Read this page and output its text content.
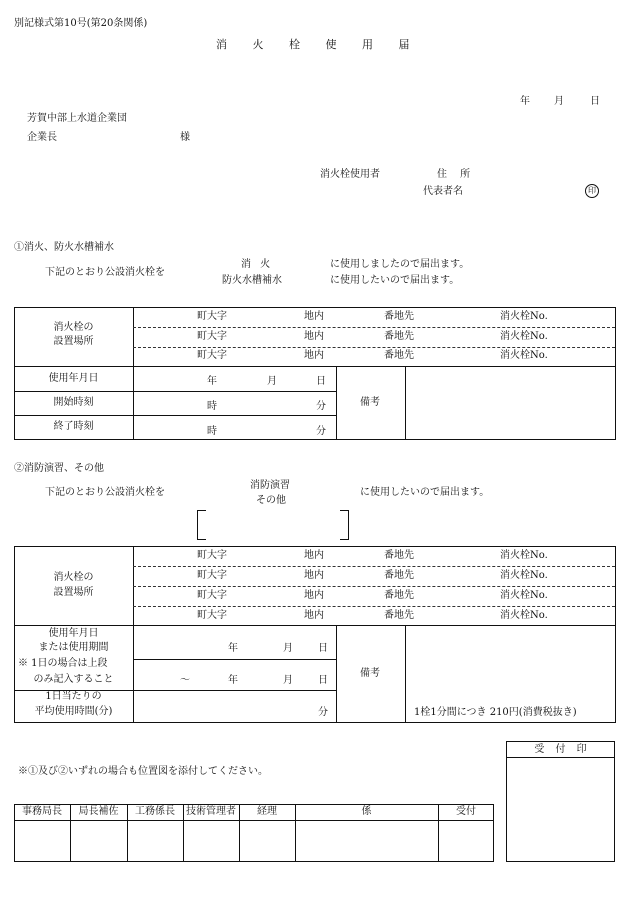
別記様式第10号(第20条関係)
消 火 栓 使 用 届
年 月	日
芳賀中部上水道企業団
企業長	様
消火栓使用者	住 所
代表者名	印
①消火、防火水槽補水
下記のとおり公設消火栓を
消 火
防火水槽補水
に使用しましたので届出ます。
に使用したいので届出ます。
消火栓の
設置場所
町大字	地内	番地先	消火栓No.
町大字	地内	番地先	消火栓No.
町大字	地内	番地先	消火栓No.
使用年月日	年	月	日
開始時刻	時	分
終了時刻	時	分
備考
②消防演習、その他
下記のとおり公設消火栓を
消防演習
その他
に使用したいので届出ます。
消火栓の
設置場所
町大字	地内	番地先	消火栓No.
町大字	地内	番地先	消火栓No.
町大字	地内	番地先	消火栓No.
町大字	地内	番地先	消火栓No.
使用年月日
または使用期間
※ 1日の場合は上段
のみ記入すること
年	月	日
～	年	月	日
1日当たりの
平均使用時間(分)	分
備考
1栓1分間につき 210円(消費税抜き)
※①及び②いずれの場合も位置図を添付してください。
事務局長	局長補佐	工務係長	技術管理者	経理	係	受付
受 付 印
